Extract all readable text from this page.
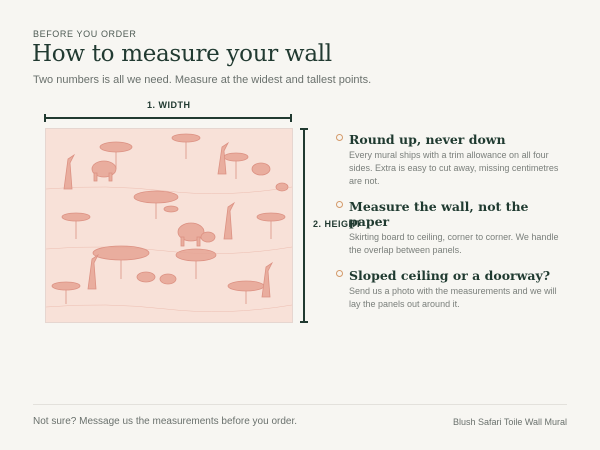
BEFORE YOU ORDER
How to measure your wall
Two numbers is all we need. Measure at the widest and tallest points.
1. WIDTH
2. HEIGHT
Round up, never down

Every mural ships with a trim allowance on all four sides. Extra is easy to cut away, missing centimetres are not.

Measure the wall, not the paper

Skirting board to ceiling, corner to corner. We handle the overlap between panels.

Sloped ceiling or a doorway?

Send us a photo with the measurements and we will lay the panels out around it.

Not sure? Message us the measurements before you order.	Blush Safari Toile Wall Mural
